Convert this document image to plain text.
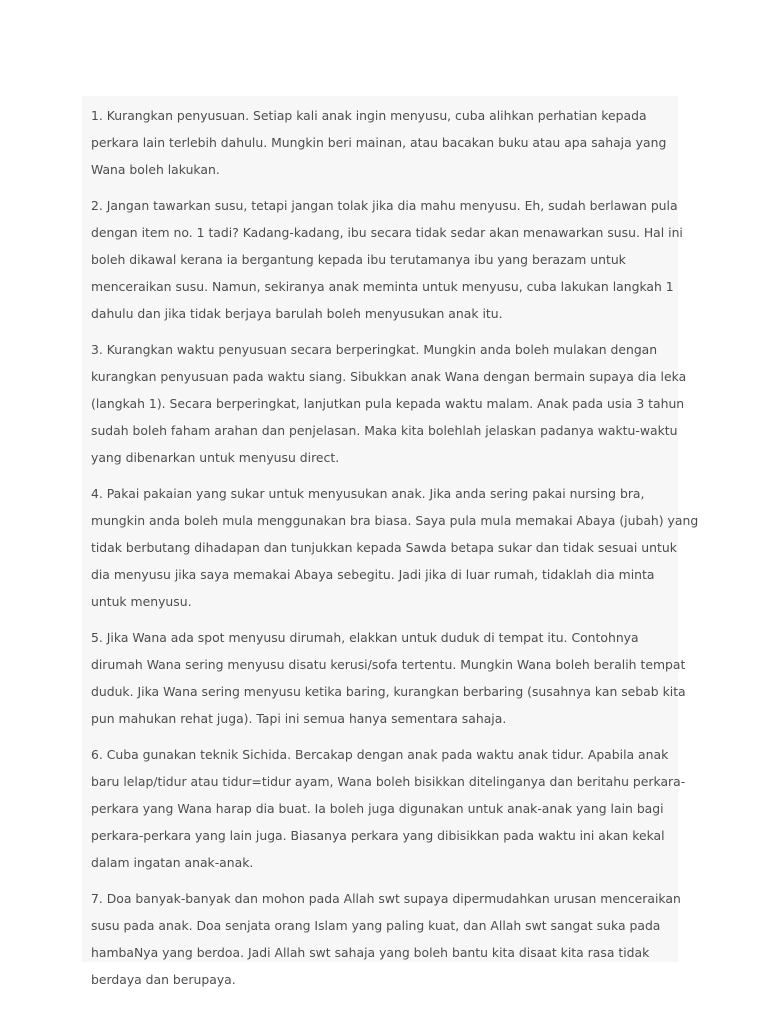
1. Kurangkan penyusuan. Setiap kali anak ingin menyusu, cuba alihkan perhatian kepada
perkara lain terlebih dahulu. Mungkin beri mainan, atau bacakan buku atau apa sahaja yang
Wana boleh lakukan.

2. Jangan tawarkan susu, tetapi jangan tolak jika dia mahu menyusu. Eh, sudah berlawan pula
dengan item no. 1 tadi? Kadang-kadang, ibu secara tidak sedar akan menawarkan susu. Hal ini
boleh dikawal kerana ia bergantung kepada ibu terutamanya ibu yang berazam untuk
menceraikan susu. Namun, sekiranya anak meminta untuk menyusu, cuba lakukan langkah 1
dahulu dan jika tidak berjaya barulah boleh menyusukan anak itu.

3. Kurangkan waktu penyusuan secara berperingkat. Mungkin anda boleh mulakan dengan
kurangkan penyusuan pada waktu siang. Sibukkan anak Wana dengan bermain supaya dia leka
(langkah 1). Secara berperingkat, lanjutkan pula kepada waktu malam. Anak pada usia 3 tahun
sudah boleh faham arahan dan penjelasan. Maka kita bolehlah jelaskan padanya waktu-waktu
yang dibenarkan untuk menyusu direct.

4. Pakai pakaian yang sukar untuk menyusukan anak. Jika anda sering pakai nursing bra,
mungkin anda boleh mula menggunakan bra biasa. Saya pula mula memakai Abaya (jubah) yang
tidak berbutang dihadapan dan tunjukkan kepada Sawda betapa sukar dan tidak sesuai untuk
dia menyusu jika saya memakai Abaya sebegitu. Jadi jika di luar rumah, tidaklah dia minta
untuk menyusu.

5. Jika Wana ada spot menyusu dirumah, elakkan untuk duduk di tempat itu. Contohnya
dirumah Wana sering menyusu disatu kerusi/sofa tertentu. Mungkin Wana boleh beralih tempat
duduk. Jika Wana sering menyusu ketika baring, kurangkan berbaring (susahnya kan sebab kita
pun mahukan rehat juga). Tapi ini semua hanya sementara sahaja.

6. Cuba gunakan teknik Sichida. Bercakap dengan anak pada waktu anak tidur. Apabila anak
baru lelap/tidur atau tidur=tidur ayam, Wana boleh bisikkan ditelinganya dan beritahu perkara-
perkara yang Wana harap dia buat. Ia boleh juga digunakan untuk anak-anak yang lain bagi
perkara-perkara yang lain juga. Biasanya perkara yang dibisikkan pada waktu ini akan kekal
dalam ingatan anak-anak.

7. Doa banyak-banyak dan mohon pada Allah swt supaya dipermudahkan urusan menceraikan
susu pada anak. Doa senjata orang Islam yang paling kuat, dan Allah swt sangat suka pada
hambaNya yang berdoa. Jadi Allah swt sahaja yang boleh bantu kita disaat kita rasa tidak
berdaya dan berupaya.
